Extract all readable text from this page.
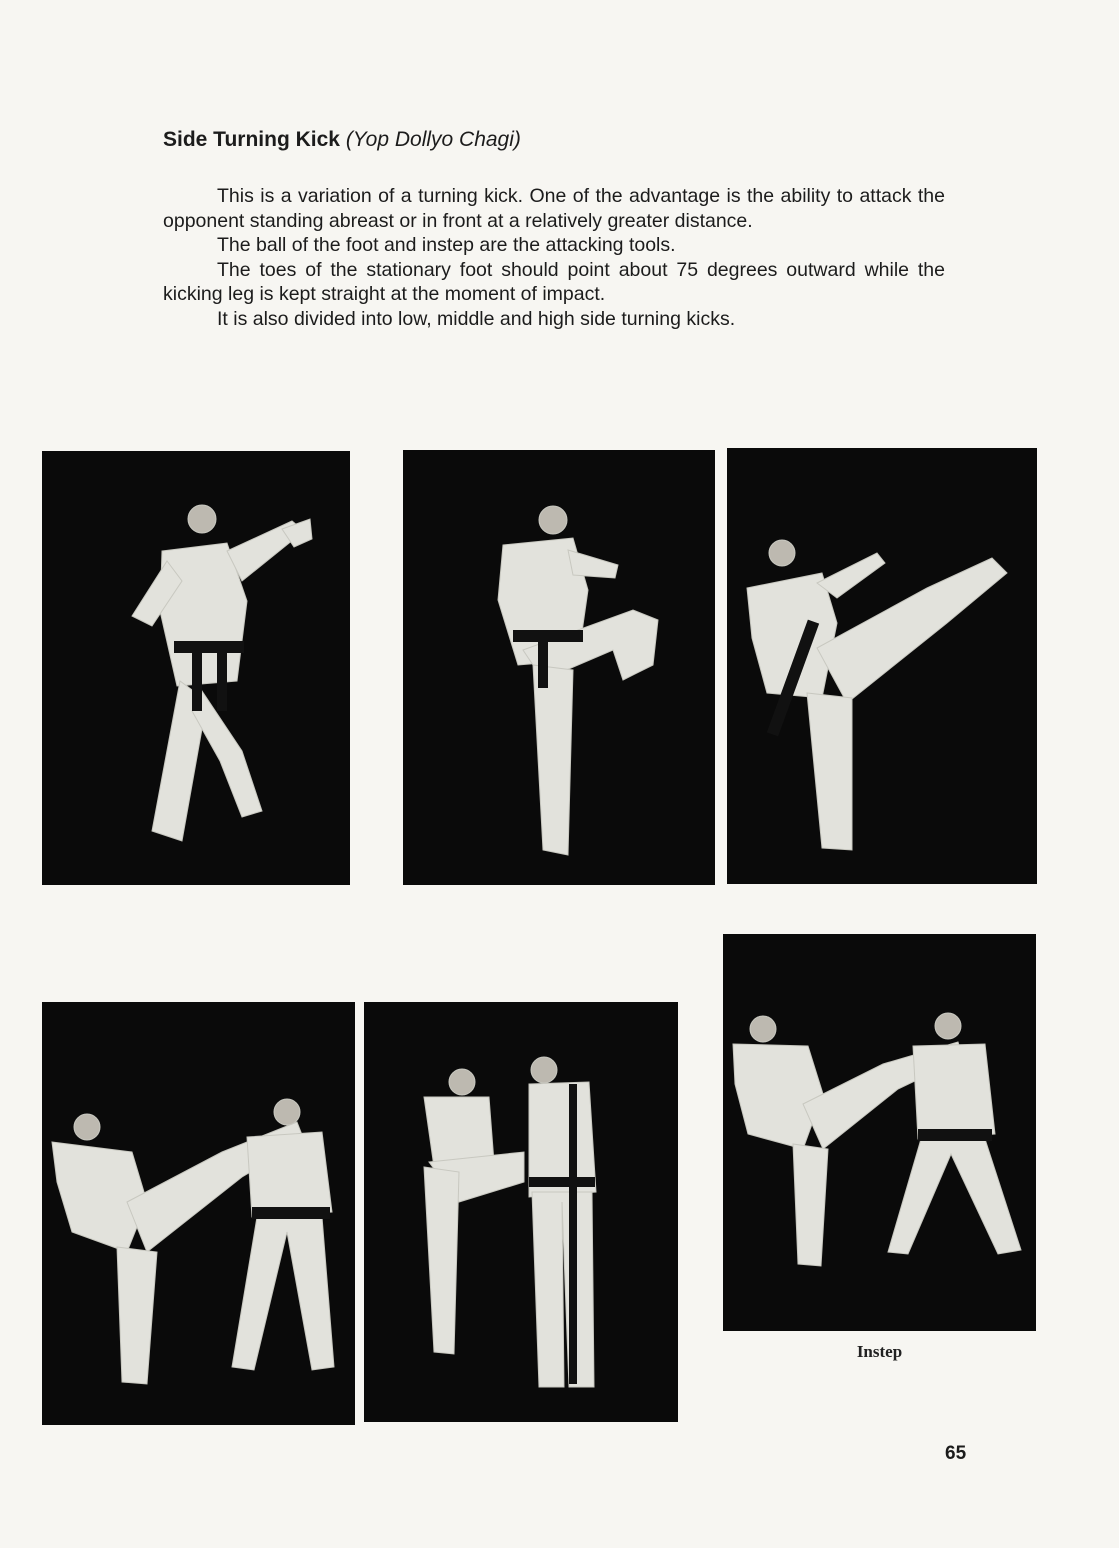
Side Turning Kick (Yop Dollyo Chagi)

This is a variation of a turning kick. One of the advantage is the ability to attack the opponent standing abreast or in front at a relatively greater distance.

The ball of the foot and instep are the attacking tools.

The toes of the stationary foot should point about 75 degrees outward while the kicking leg is kept straight at the moment of impact.

It is also divided into low, middle and high side turning kicks.

Instep
65
